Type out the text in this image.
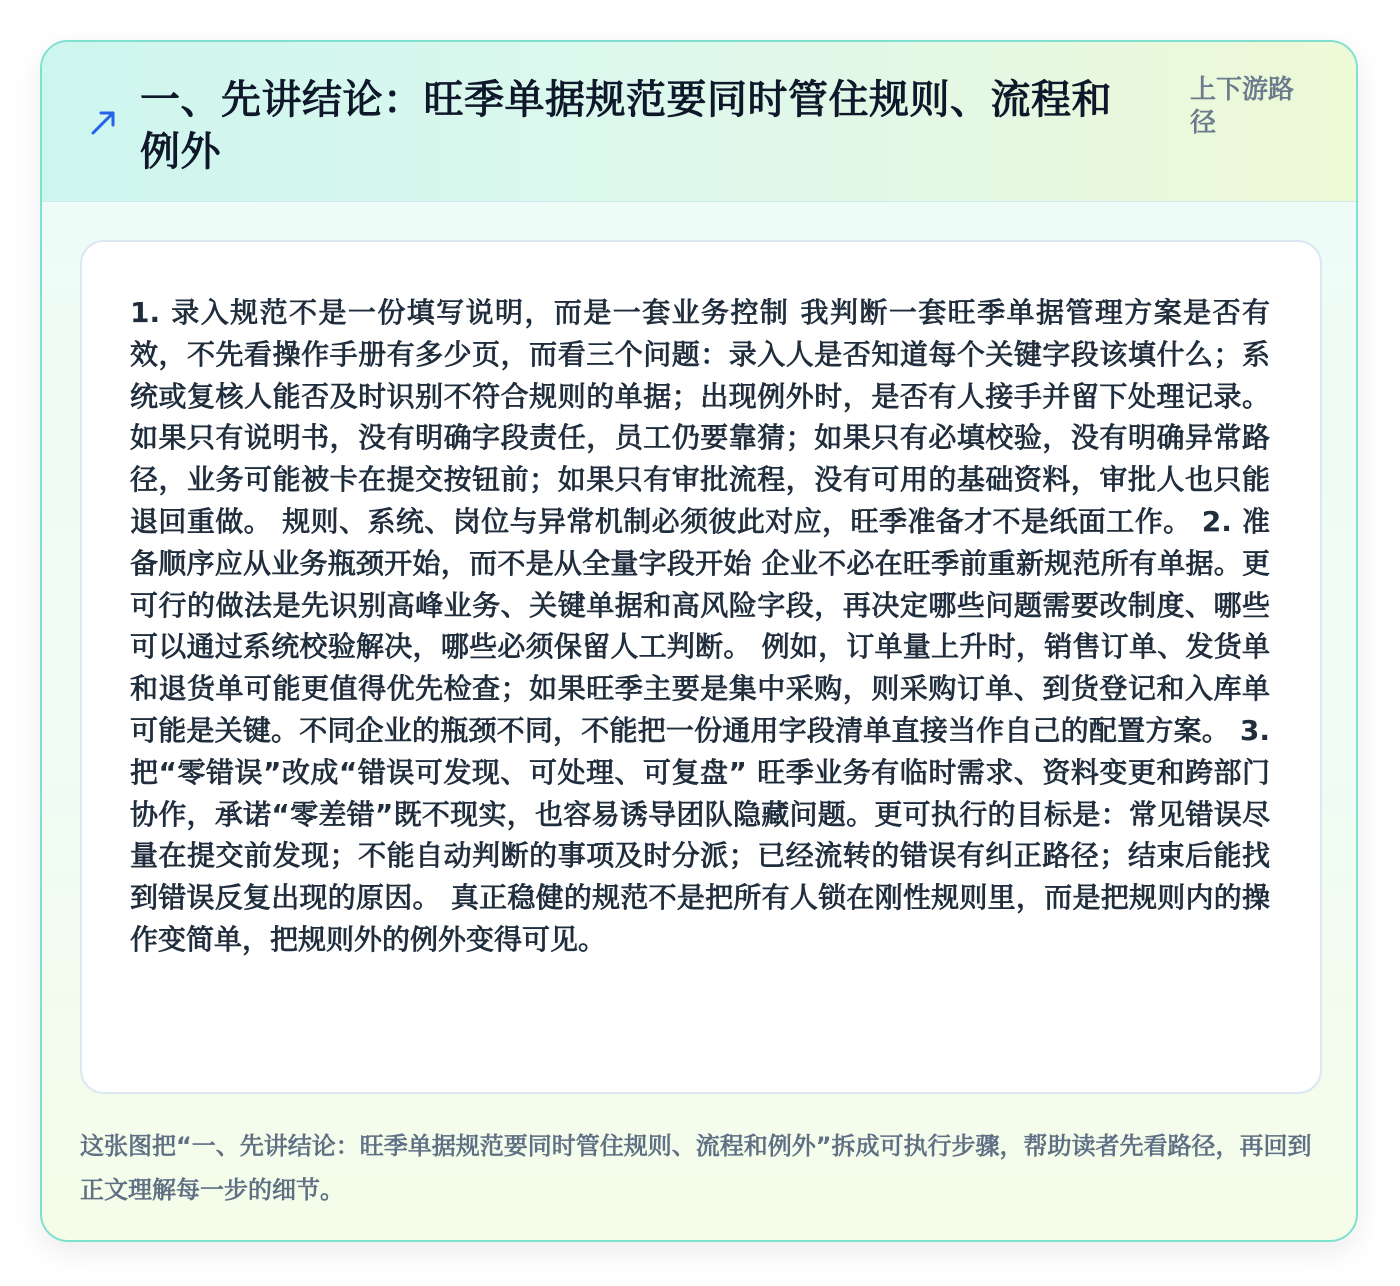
一、先讲结论：旺季单据规范要同时管住规则、流程和例外
上下游路径

1. 录入规范不是一份填写说明，而是一套业务控制 我判断一套旺季单据管理方案是否有效，不先看操作手册有多少页，而看三个问题：录入人是否知道每个关键字段该填什么；系统或复核人能否及时识别不符合规则的单据；出现例外时，是否有人接手并留下处理记录。 如果只有说明书，没有明确字段责任，员工仍要靠猜；如果只有必填校验，没有明确异常路径，业务可能被卡在提交按钮前；如果只有审批流程，没有可用的基础资料，审批人也只能退回重做。 规则、系统、岗位与异常机制必须彼此对应，旺季准备才不是纸面工作。 2. 准备顺序应从业务瓶颈开始，而不是从全量字段开始 企业不必在旺季前重新规范所有单据。更可行的做法是先识别高峰业务、关键单据和高风险字段，再决定哪些问题需要改制度、哪些可以通过系统校验解决，哪些必须保留人工判断。 例如，订单量上升时，销售订单、发货单和退货单可能更值得优先检查；如果旺季主要是集中采购，则采购订单、到货登记和入库单可能是关键。不同企业的瓶颈不同，不能把一份通用字段清单直接当作自己的配置方案。 3. 把“零错误”改成“错误可发现、可处理、可复盘” 旺季业务有临时需求、资料变更和跨部门协作，承诺“零差错”既不现实，也容易诱导团队隐藏问题。更可执行的目标是：常见错误尽量在提交前发现；不能自动判断的事项及时分派；已经流转的错误有纠正路径；结束后能找到错误反复出现的原因。 真正稳健的规范不是把所有人锁在刚性规则里，而是把规则内的操作变简单，把规则外的例外变得可见。

这张图把“一、先讲结论：旺季单据规范要同时管住规则、流程和例外”拆成可执行步骤，帮助读者先看路径，再回到正文理解每一步的细节。
